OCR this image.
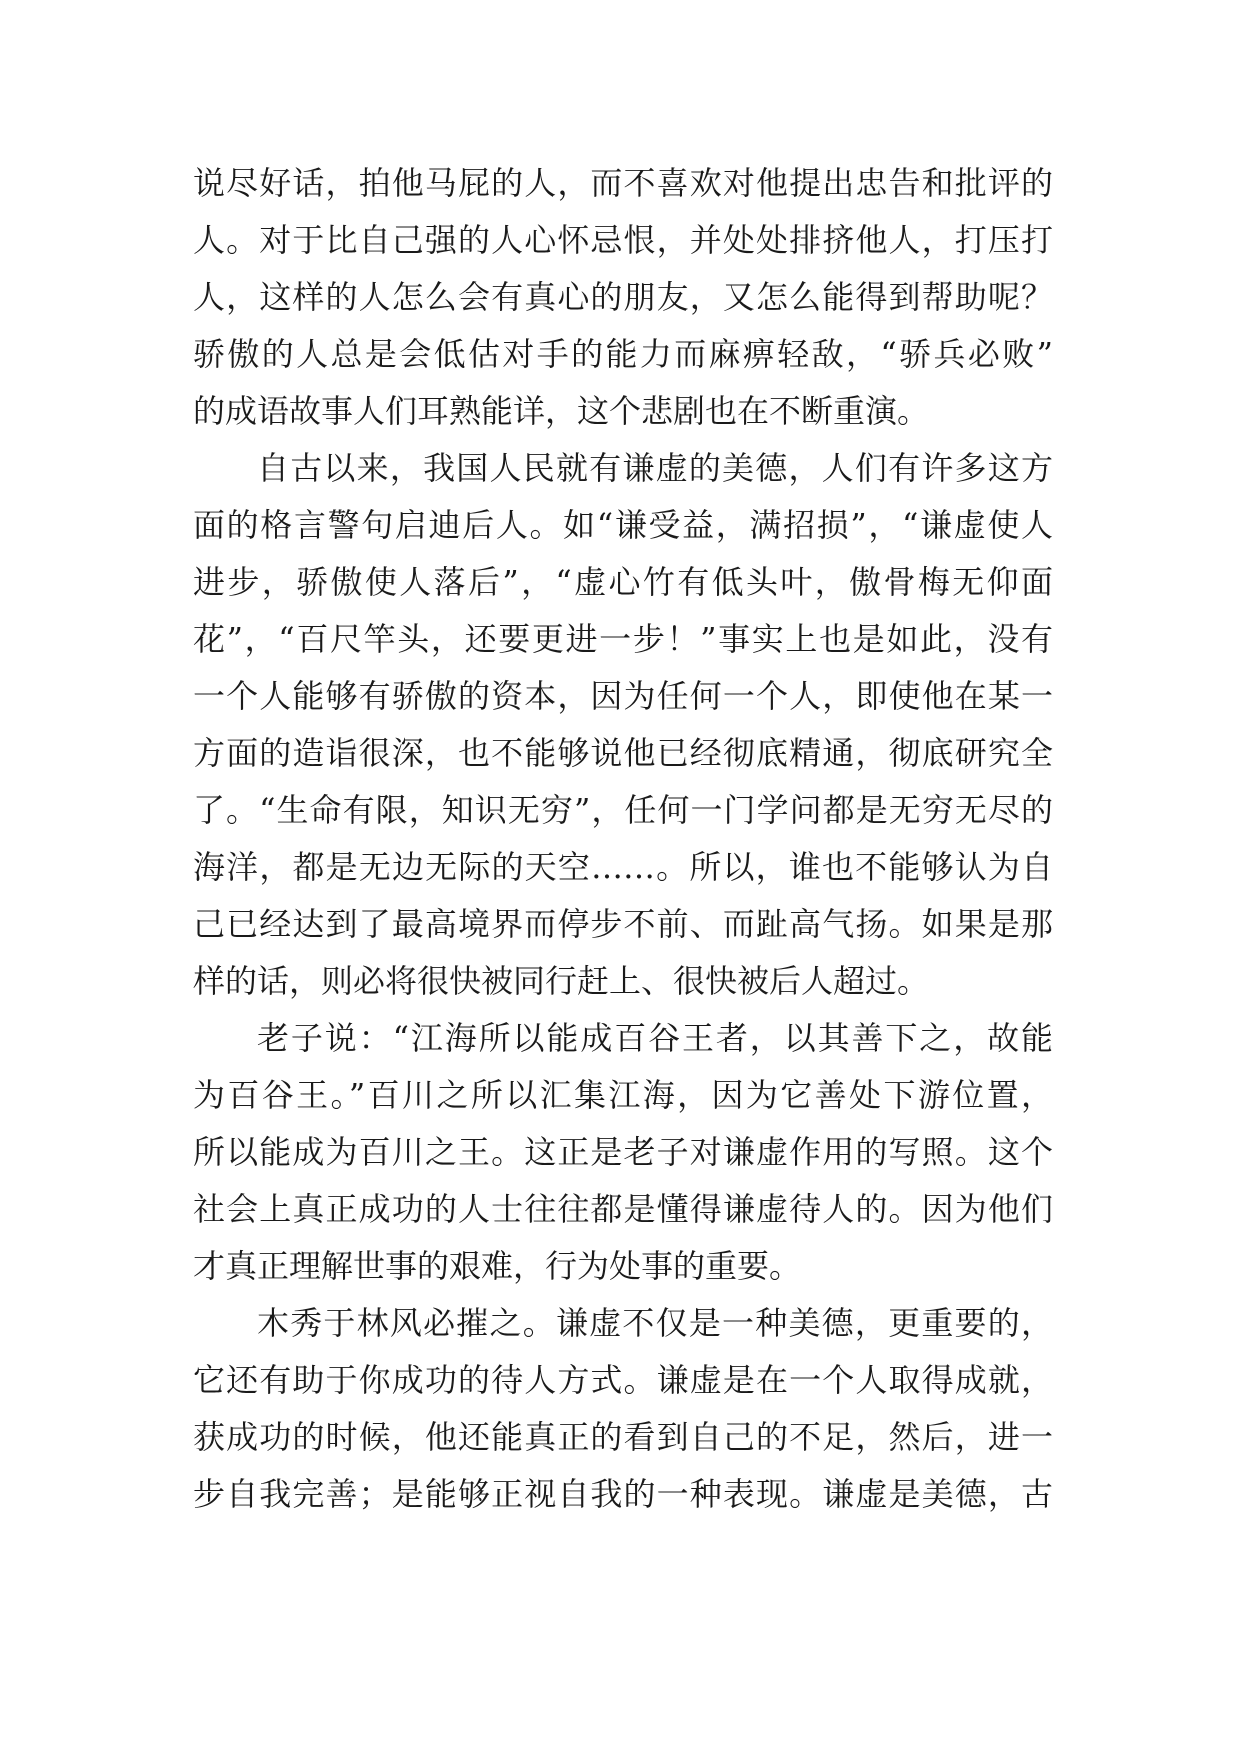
说尽好话，拍他马屁的人，而不喜欢对他提出忠告和批评的
人。对于比自己强的人心怀忌恨，并处处排挤他人，打压打
人，这样的人怎么会有真心的朋友，又怎么能得到帮助呢？
骄傲的人总是会低估对手的能力而麻痹轻敌，“骄兵必败”
的成语故事人们耳熟能详，这个悲剧也在不断重演。
自古以来，我国人民就有谦虚的美德，人们有许多这方
面的格言警句启迪后人。如“谦受益，满招损”，“谦虚使人
进步，骄傲使人落后”，“虚心竹有低头叶，傲骨梅无仰面
花”，“百尺竿头，还要更进一步！”事实上也是如此，没有
一个人能够有骄傲的资本，因为任何一个人，即使他在某一
方面的造诣很深，也不能够说他已经彻底精通，彻底研究全
了。“生命有限，知识无穷”，任何一门学问都是无穷无尽的
海洋，都是无边无际的天空……。所以，谁也不能够认为自
己已经达到了最高境界而停步不前、而趾高气扬。如果是那
样的话，则必将很快被同行赶上、很快被后人超过。
老子说：“江海所以能成百谷王者，以其善下之，故能
为百谷王。”百川之所以汇集江海，因为它善处下游位置，
所以能成为百川之王。这正是老子对谦虚作用的写照。这个
社会上真正成功的人士往往都是懂得谦虚待人的。因为他们
才真正理解世事的艰难，行为处事的重要。
木秀于林风必摧之。谦虚不仅是一种美德，更重要的，
它还有助于你成功的待人方式。谦虚是在一个人取得成就，
获成功的时候，他还能真正的看到自己的不足，然后，进一
步自我完善；是能够正视自我的一种表现。谦虚是美德，古
